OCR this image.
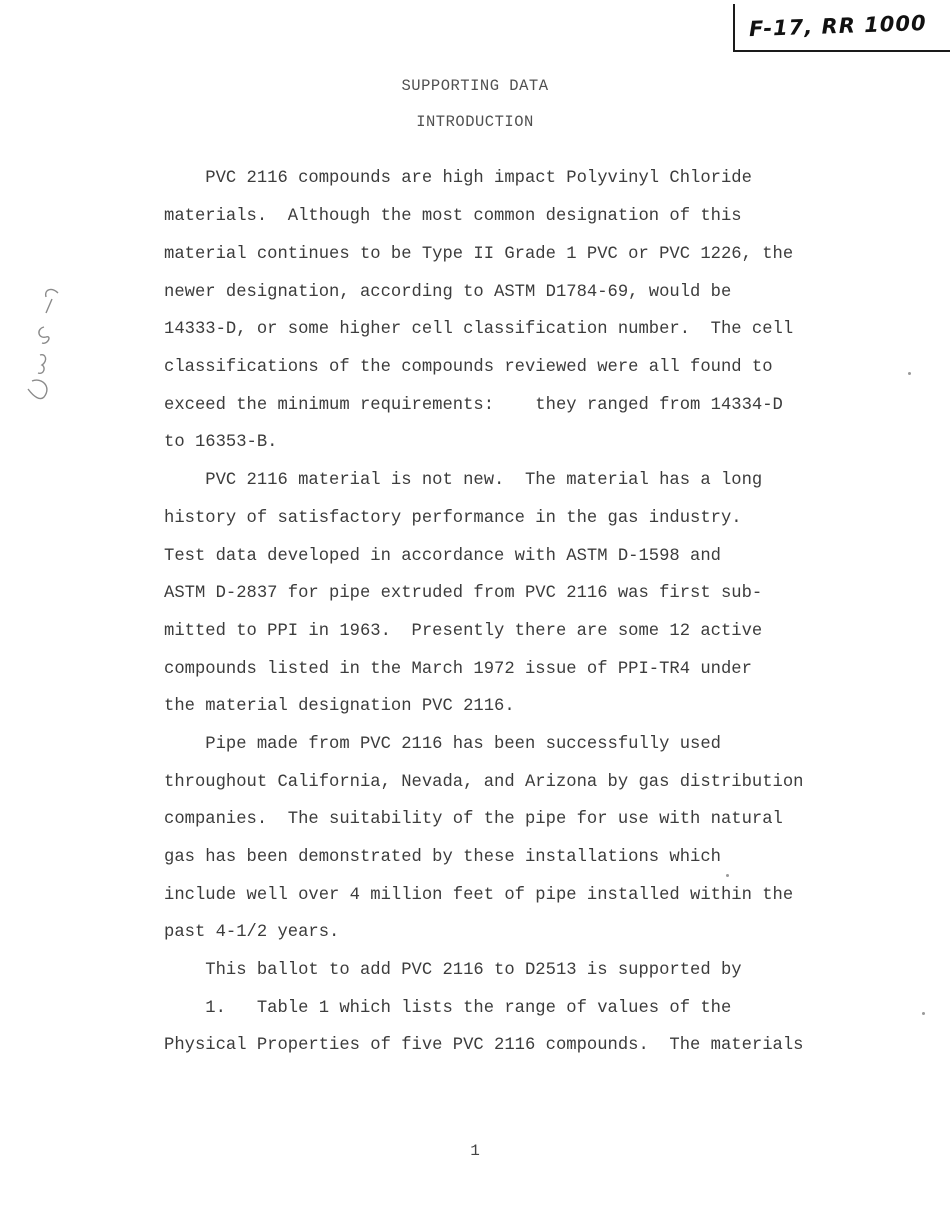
F-17, RR 1000
SUPPORTING DATA
INTRODUCTION
PVC 2116 compounds are high impact Polyvinyl Chloride
materials.  Although the most common designation of this
material continues to be Type II Grade 1 PVC or PVC 1226, the
newer designation, according to ASTM D1784-69, would be
14333-D, or some higher cell classification number.  The cell
classifications of the compounds reviewed were all found to
exceed the minimum requirements:    they ranged from 14334-D
to 16353-B.
PVC 2116 material is not new.  The material has a long
history of satisfactory performance in the gas industry.
Test data developed in accordance with ASTM D-1598 and
ASTM D-2837 for pipe extruded from PVC 2116 was first sub-
mitted to PPI in 1963.  Presently there are some 12 active
compounds listed in the March 1972 issue of PPI-TR4 under
the material designation PVC 2116.
Pipe made from PVC 2116 has been successfully used
throughout California, Nevada, and Arizona by gas distribution
companies.  The suitability of the pipe for use with natural
gas has been demonstrated by these installations which
include well over 4 million feet of pipe installed within the
past 4-1/2 years.
This ballot to add PVC 2116 to D2513 is supported by
1.   Table 1 which lists the range of values of the
Physical Properties of five PVC 2116 compounds.  The materials
1
